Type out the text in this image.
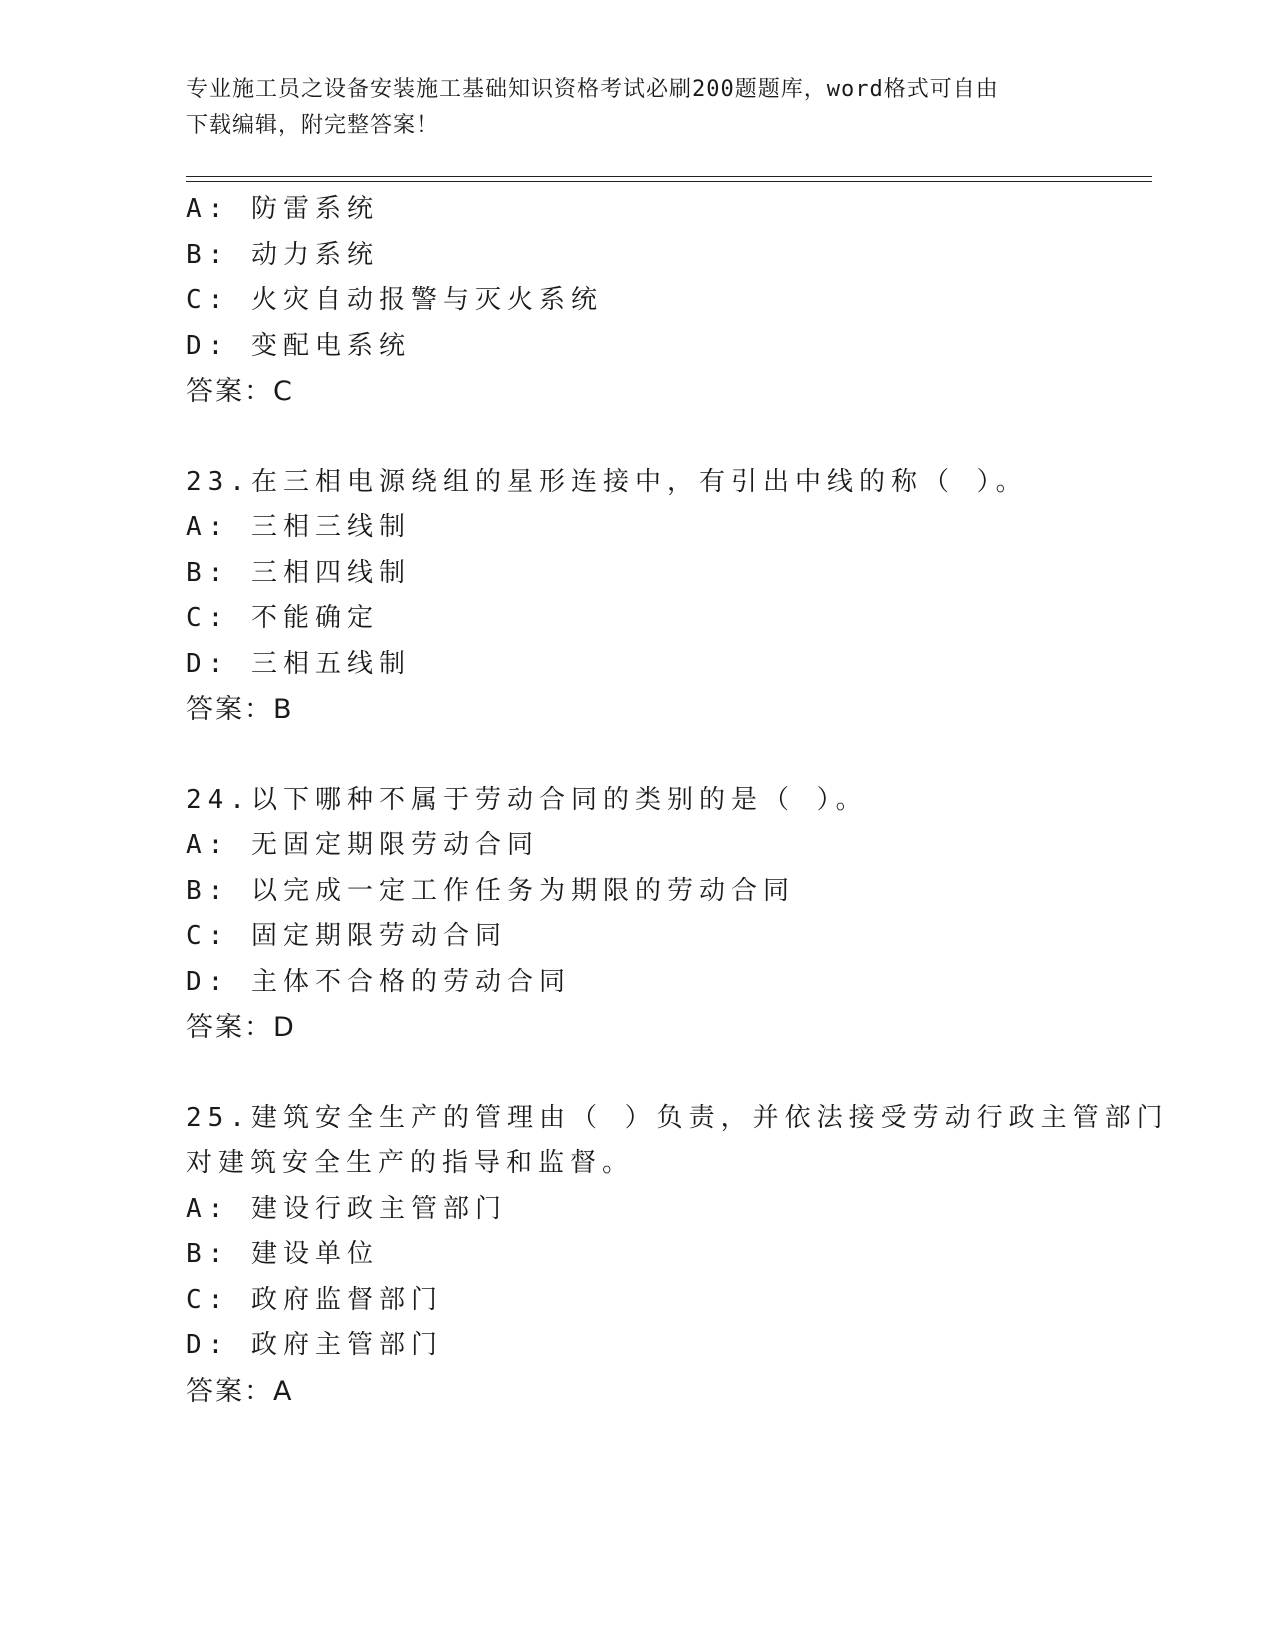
专业施工员之设备安装施工基础知识资格考试必刷200题题库，word格式可自由
下载编辑，附完整答案！
A: 防雷系统
B: 动力系统
C: 火灾自动报警与灭火系统
D: 变配电系统
答案：C
23.在三相电源绕组的星形连接中，有引出中线的称（ ）。
A: 三相三线制
B: 三相四线制
C: 不能确定
D: 三相五线制
答案：B
24.以下哪种不属于劳动合同的类别的是（ ）。
A: 无固定期限劳动合同
B: 以完成一定工作任务为期限的劳动合同
C: 固定期限劳动合同
D: 主体不合格的劳动合同
答案：D
25.建筑安全生产的管理由（ ）负责，并依法接受劳动行政主管部门
对建筑安全生产的指导和监督。
A: 建设行政主管部门
B: 建设单位
C: 政府监督部门
D: 政府主管部门
答案：A
